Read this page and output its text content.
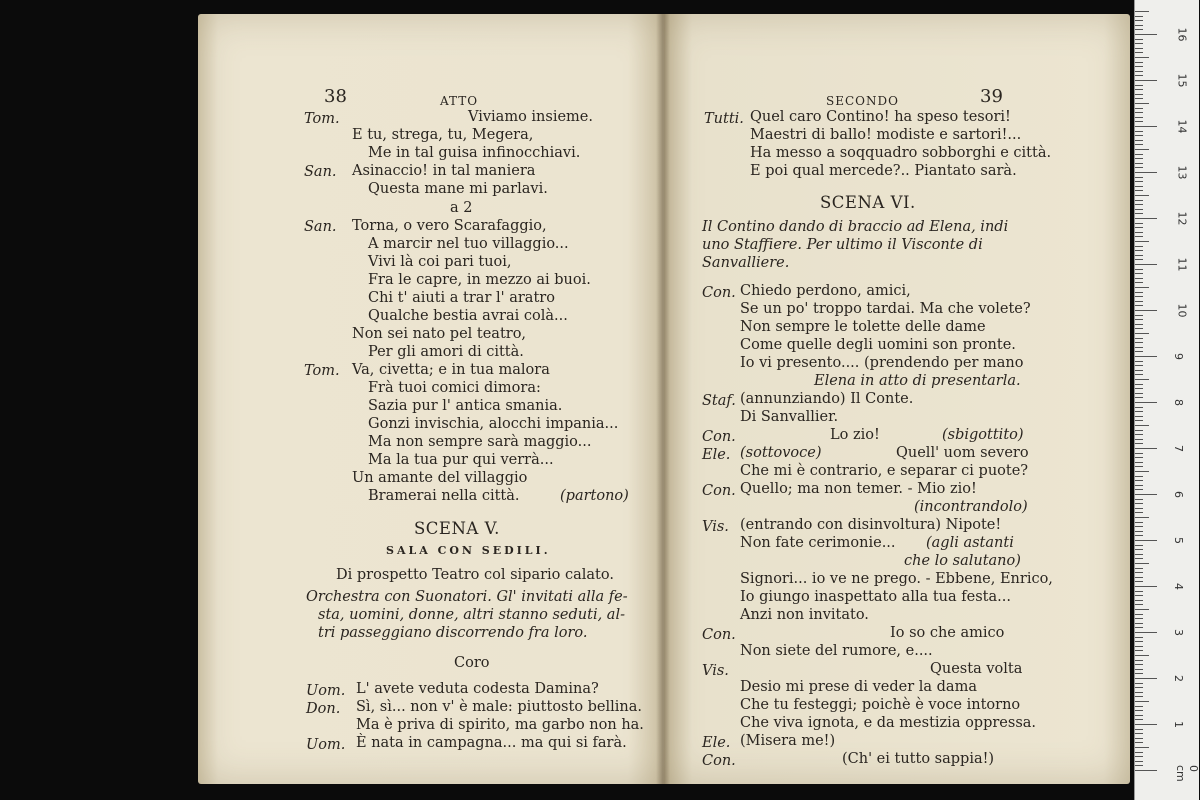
38	ATTO
Tom.	Viviamo insieme.
E tu, strega, tu, Megera,
Me in tal guisa infinocchiavi.
San. Asinaccio! in tal maniera
Questa mane mi parlavi.
a 2
San. Torna, o vero Scarafaggio,
A marcir nel tuo villaggio...
Vivi là coi pari tuoi,
Fra le capre, in mezzo ai buoi.
Chi t' aiuti a trar l' aratro
Qualche bestia avrai colà...
Non sei nato pel teatro,
Per gli amori di città.
Tom. Va, civetta; e in tua malora
Frà tuoi comici dimora:
Sazia pur l' antica smania.
Gonzi invischia, alocchi impania...
Ma non sempre sarà maggio...
Ma la tua pur qui verrà...
Un amante del villaggio
Bramerai nella città.	(partono)
SCENA V.
SALA CON SEDILI.
Di prospetto Teatro col sipario calato.
Orchestra con Suonatori. Gl' invitati alla fe-
sta, uomini, donne, altri stanno seduti, al-
tri passeggiano discorrendo fra loro.
Coro
Uom. L' avete veduta codesta Damina?
Don. Sì, sì... non v' è male: piuttosto bellina.
Ma è priva di spirito, ma garbo non ha.
Uom. È nata in campagna... ma qui si farà.
SECONDO	39
Tutti. Quel caro Contino! ha speso tesori!
Maestri di ballo! modiste e sartori!...
Ha messo a soqquadro sobborghi e città.
E poi qual mercede?.. Piantato sarà.
SCENA VI.
Il Contino dando di braccio ad Elena, indi
uno Staffiere. Per ultimo il Visconte di
Sanvalliere.
Con. Chiedo perdono, amici,
Se un po' troppo tardai. Ma che volete?
Non sempre le tolette delle dame
Come quelle degli uomini son pronte.
Io vi presento.... (prendendo per mano
Elena in atto di presentarla.
Staf. (annunziando) Il Conte.
Di Sanvallier.
Con.	Lo zio!	(sbigottito)
Ele. (sottovoce)	Quell' uom severo
Che mi è contrario, e separar ci puote?
Con. Quello; ma non temer. - Mio zio!
(incontrandolo)
Vis. (entrando con disinvoltura) Nipote!
Non fate cerimonie... (agli astanti
che lo salutano)
Signori... io ve ne prego. - Ebbene, Enrico,
Io giungo inaspettato alla tua festa...
Anzi non invitato.
Con.	Io so che amico
Non siete del rumore, e....
Vis.	Questa volta
Desio mi prese di veder la dama
Che tu festeggi; poichè è voce intorno
Che viva ignota, e da mestizia oppressa.
Ele. (Misera me!)
Con.	(Ch' ei tutto sappia!)
0 cm
1
2
3
4
5
6
7
8
9
10
11
12
13
14
15
16
